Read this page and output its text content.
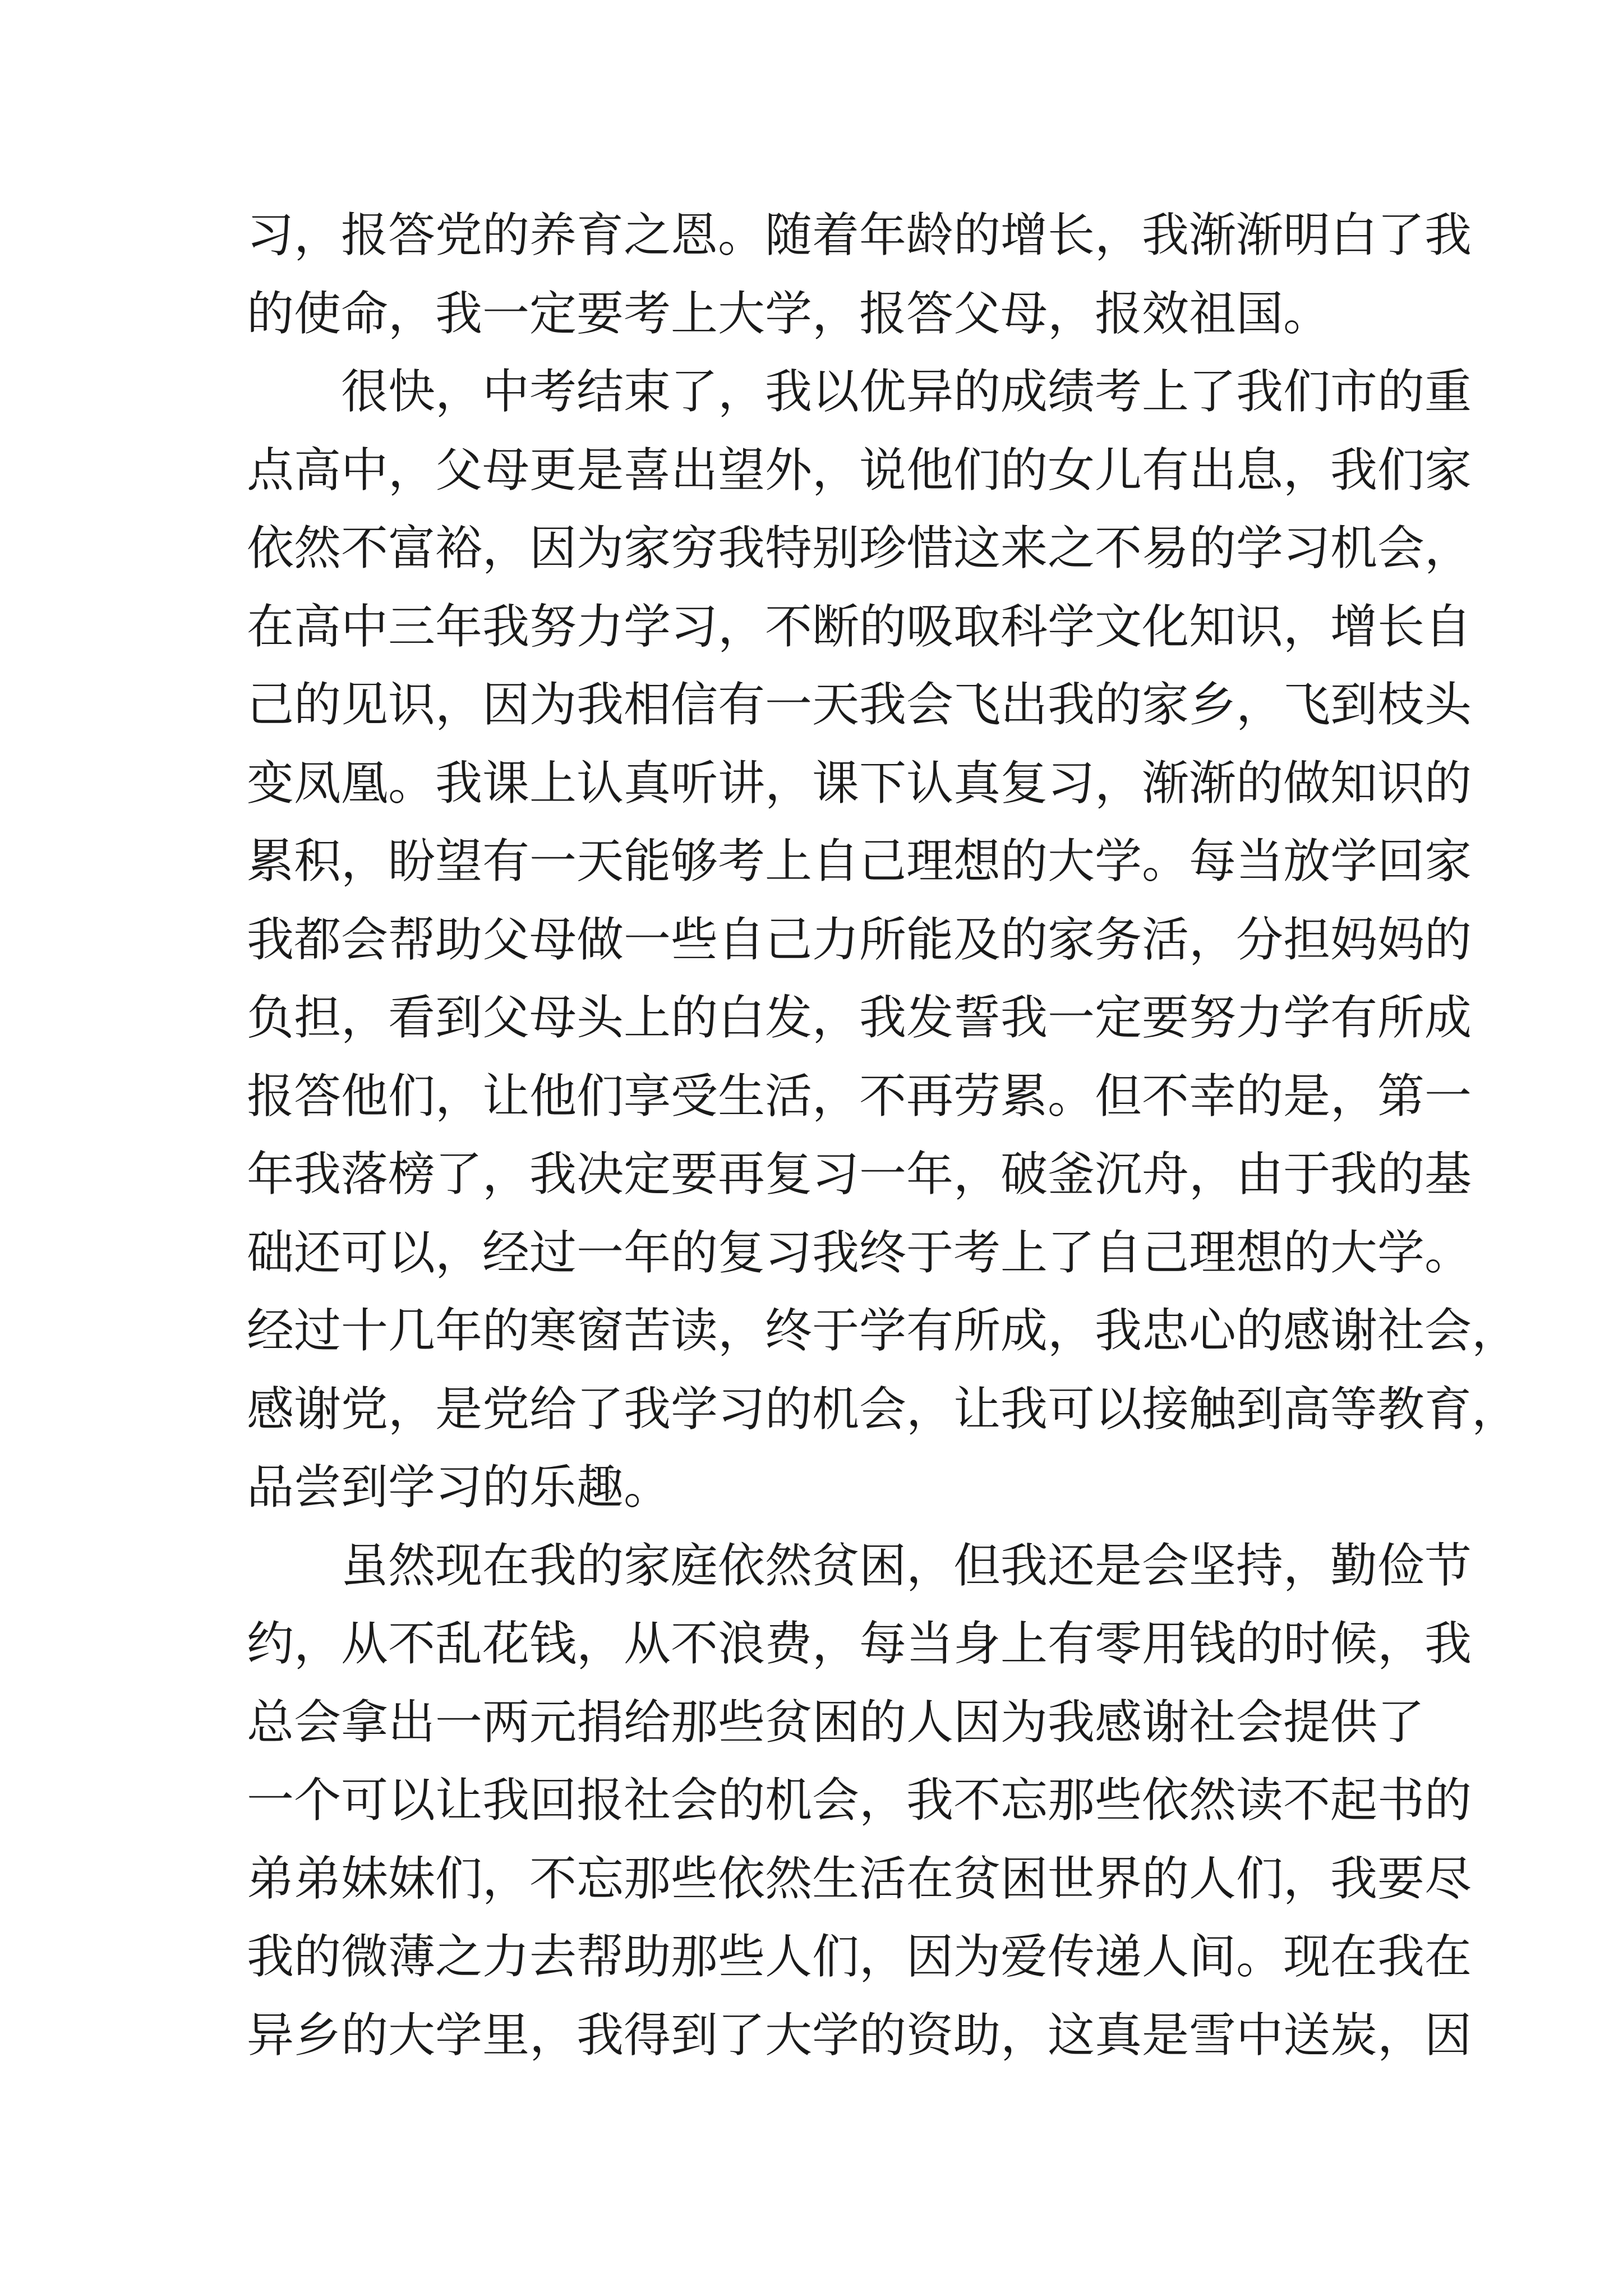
习，报答党的养育之恩。随着年龄的增长，我渐渐明白了我
的使命，我一定要考上大学，报答父母，报效祖国。
很快，中考结束了，我以优异的成绩考上了我们市的重
点高中，父母更是喜出望外，说他们的女儿有出息，我们家
依然不富裕，因为家穷我特别珍惜这来之不易的学习机会，
在高中三年我努力学习，不断的吸取科学文化知识，增长自
己的见识，因为我相信有一天我会飞出我的家乡，飞到枝头
变凤凰。我课上认真听讲，课下认真复习，渐渐的做知识的
累积，盼望有一天能够考上自己理想的大学。每当放学回家
我都会帮助父母做一些自己力所能及的家务活，分担妈妈的
负担，看到父母头上的白发，我发誓我一定要努力学有所成
报答他们，让他们享受生活，不再劳累。但不幸的是，第一
年我落榜了，我决定要再复习一年，破釜沉舟，由于我的基
础还可以，经过一年的复习我终于考上了自己理想的大学。
经过十几年的寒窗苦读，终于学有所成，我忠心的感谢社会，
感谢党，是党给了我学习的机会，让我可以接触到高等教育，
品尝到学习的乐趣。
虽然现在我的家庭依然贫困，但我还是会坚持，勤俭节
约，从不乱花钱，从不浪费，每当身上有零用钱的时候，我
总会拿出一两元捐给那些贫困的人因为我感谢社会提供了
一个可以让我回报社会的机会，我不忘那些依然读不起书的
弟弟妹妹们，不忘那些依然生活在贫困世界的人们，我要尽
我的微薄之力去帮助那些人们，因为爱传递人间。现在我在
异乡的大学里，我得到了大学的资助，这真是雪中送炭，因
